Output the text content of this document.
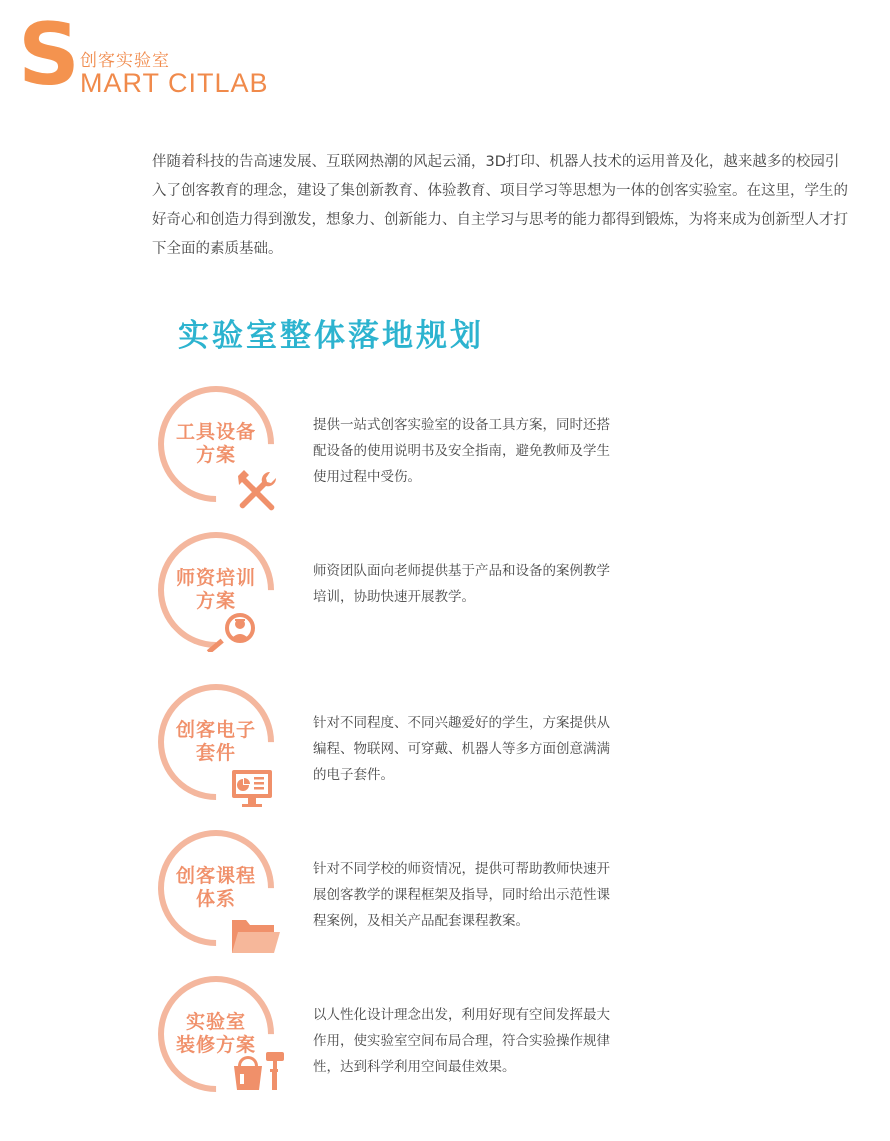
S 创客实验室
MART CITLAB
伴随着科技的告高速发展、互联网热潮的风起云涌，3D打印、机器人技术的运用普及化，越来越多的校园引入了创客教育的理念，建设了集创新教育、体验教育、项目学习等思想为一体的创客实验室。在这里，学生的好奇心和创造力得到激发，想象力、创新能力、自主学习与思考的能力都得到锻炼，为将来成为创新型人才打下全面的素质基础。
实验室整体落地规划
工具设备
方案
提供一站式创客实验室的设备工具方案，同时还搭配设备的使用说明书及安全指南，避免教师及学生使用过程中受伤。
师资培训
方案
师资团队面向老师提供基于产品和设备的案例教学培训，协助快速开展教学。
创客电子
套件
针对不同程度、不同兴趣爱好的学生，方案提供从编程、物联网、可穿戴、机器人等多方面创意满满的电子套件。
创客课程
体系
针对不同学校的师资情况，提供可帮助教师快速开展创客教学的课程框架及指导，同时给出示范性课程案例，及相关产品配套课程教案。
实验室
装修方案
以人性化设计理念出发，利用好现有空间发挥最大作用，使实验室空间布局合理，符合实验操作规律性，达到科学利用空间最佳效果。
